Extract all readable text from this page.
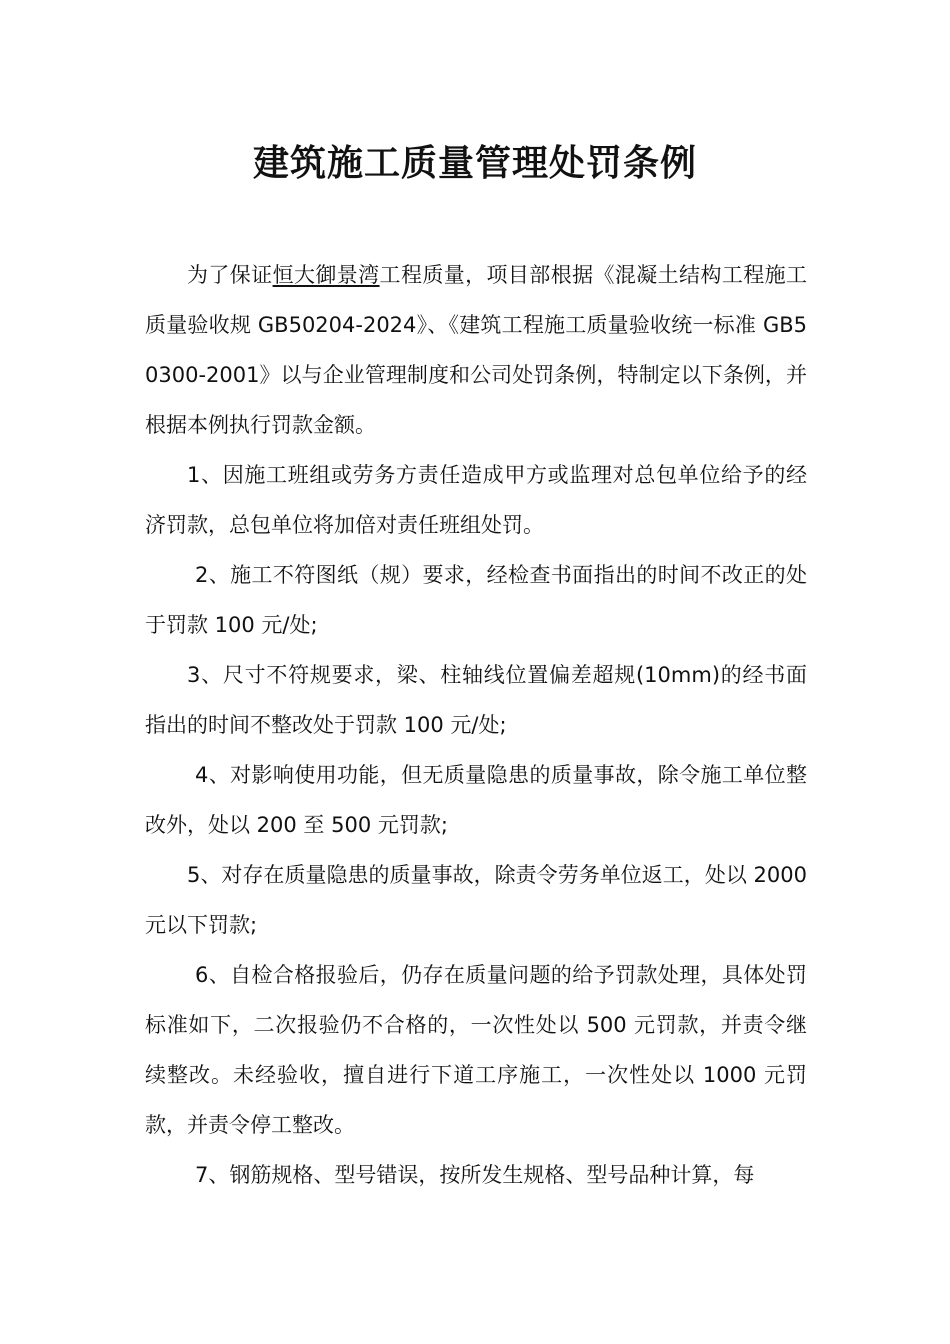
建筑施工质量管理处罚条例

为了保证恒大御景湾工程质量，项目部根据《混凝土结构工程施工质量验收规 GB50204-2024》、《建筑工程施工质量验收统一标准 GB50300-2001》以与企业管理制度和公司处罚条例，特制定以下条例，并根据本例执行罚款金额。

1、因施工班组或劳务方责任造成甲方或监理对总包单位给予的经济罚款，总包单位将加倍对责任班组处罚。

2、施工不符图纸（规）要求，经检查书面指出的时间不改正的处于罚款 100 元/处;

3、尺寸不符规要求，梁、柱轴线位置偏差超规(10mm)的经书面指出的时间不整改处于罚款 100 元/处;

4、对影响使用功能，但无质量隐患的质量事故，除令施工单位整改外，处以 200 至 500 元罚款;

5、对存在质量隐患的质量事故，除责令劳务单位返工，处以 2000 元以下罚款;

6、自检合格报验后，仍存在质量问题的给予罚款处理，具体处罚标准如下，二次报验仍不合格的，一次性处以 500 元罚款，并责令继续整改。未经验收，擅自进行下道工序施工，一次性处以 1000 元罚款，并责令停工整改。

7、钢筋规格、型号错误，按所发生规格、型号品种计算，每
